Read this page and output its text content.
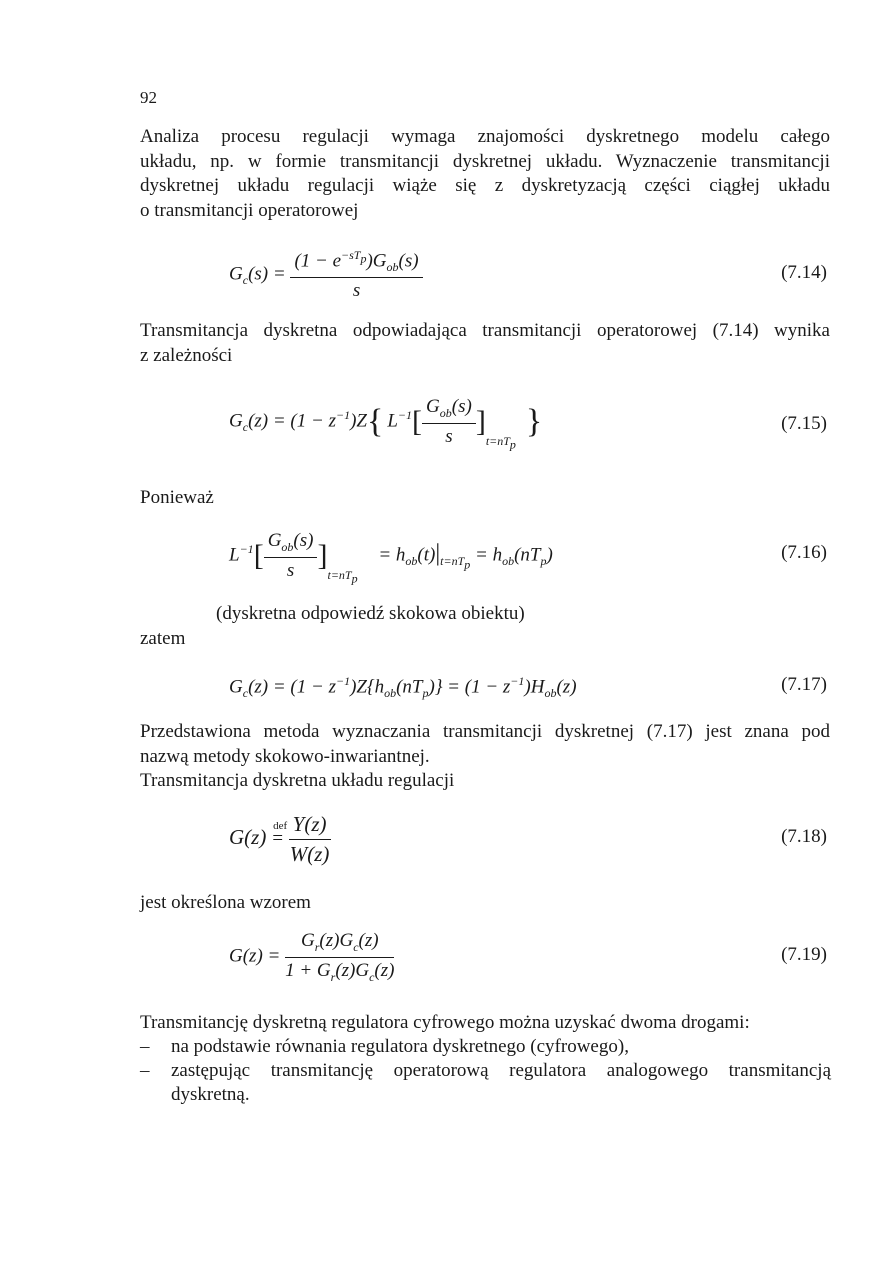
92
Analiza procesu regulacji wymaga znajomości dyskretnego modelu całego
układu, np. w formie transmitancji dyskretnej układu. Wyznaczenie transmitancji
dyskretnej układu regulacji wiąże się z dyskretyzacją części ciągłej układu
o transmitancji operatorowej
$G_c(s) = \frac{(1 - e^{-sT_p})G_{ob}(s)}{s}$	(7.14)
Transmitancja dyskretna odpowiadająca transmitancji operatorowej (7.14) wynika
z zależności
$G_c(z) = (1 - z^{-1})Z${ $L^{-1}[ \frac{G_{ob}(s)}{s} ]_{t=nT_p}$}	(7.15)
Ponieważ
$L^{-1}[ \frac{G_{ob}(s)}{s} ]_{t=nT_p} = h_{ob}(t)|_{t=nT_p} = h_{ob}(nT_p)$	(7.16)
(dyskretna odpowiedź skokowa obiektu)
zatem
$G_c(z) = (1 - z^{-1})Z\{h_{ob}(nT_p)\} = (1 - z^{-1})H_{ob}(z)$	(7.17)
Przedstawiona metoda wyznaczania transmitancji dyskretnej (7.17) jest znana pod
nazwą metody skokowo-inwariantnej.
Transmitancja dyskretna układu regulacji
G(z) def
= $\frac{Y(z)}{W(z)}$	(7.18)
jest określona wzorem
$G(z) = \frac{G_r(z)G_c(z)}{1 + G_r(z)G_c(z)}$	(7.19)
Transmitancję dyskretną regulatora cyfrowego można uzyskać dwoma drogami:
– na podstawie równania regulatora dyskretnego (cyfrowego),
– zastępując transmitancję operatorową regulatora analogowego transmitancją
dyskretną.
